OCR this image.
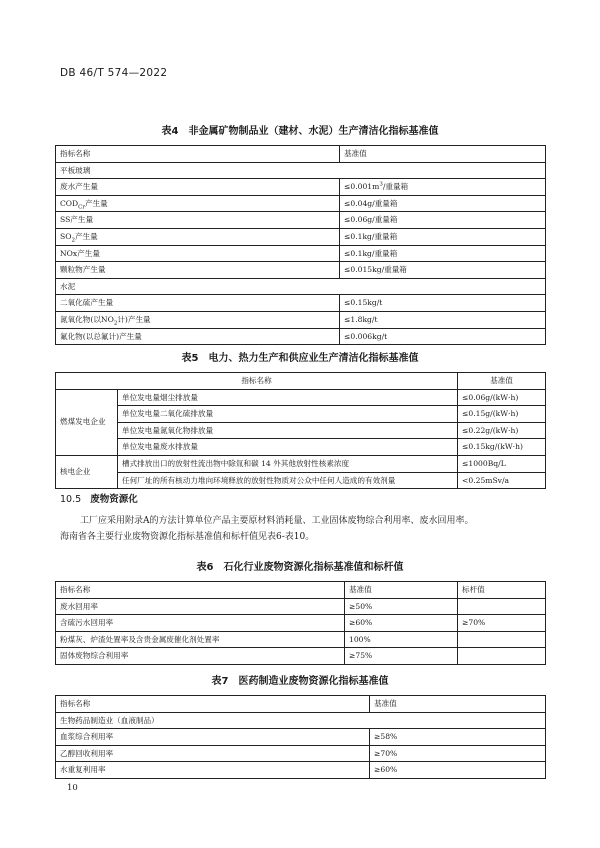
DB 46/T 574—2022
表4　非金属矿物制品业（建材、水泥）生产清洁化指标基准值
指标名称	基准值
平板玻璃	
废水产生量	$\le 0.001m^3/$重量箱
$COD_{Cr}$产生量	≤0.04g/重量箱
SS产生量	≤0.06g/重量箱
$SO_2$产生量	≤0.1kg/重量箱
NOx产生量	≤0.1kg/重量箱
颗粒物产生量	≤0.015kg/重量箱
水泥	
二氧化硫产生量	≤0.15kg/t
氮氧化物(以$NO_2$计)产生量	≤1.8kg/t
氟化物(以总氟计)产生量	≤0.006kg/t
表5　电力、热力生产和供应业生产清洁化指标基准值
指标名称		基准值
燃煤发电企业	单位发电量烟尘排放量	≤0.06g/(kW·h)
	单位发电量二氧化硫排放量	≤0.15g/(kW·h)
	单位发电量氮氧化物排放量	≤0.22g/(kW·h)
	单位发电量废水排放量	≤0.15kg/(kW·h)
核电企业	槽式排放出口的放射性流出物中除氚和碳 14 外其他放射性核素浓度	≤1000Bq/L
	任何厂址的所有核动力堆向环境释放的放射性物质对公众中任何人造成的有效剂量	<0.25mSv/a
10.5 废物资源化
工厂应采用附录A的方法计算单位产品主要原材料消耗量、工业固体废物综合利用率、废水回用率。
海南省各主要行业废物资源化指标基准值和标杆值见表6-表10。
表6　石化行业废物资源化指标基准值和标杆值
指标名称	基准值	标杆值
废水回用率	≥50%	
含硫污水回用率	≥60%	≥70%
粉煤灰、炉渣处置率及含贵金属废催化剂处置率	100%	
固体废物综合利用率	≥75%	
表7　医药制造业废物资源化指标基准值
指标名称	基准值
生物药品制造业（血液制品）	
血浆综合利用率	≥58%
乙醇回收利用率	≥70%
水重复利用率	≥60%
10
